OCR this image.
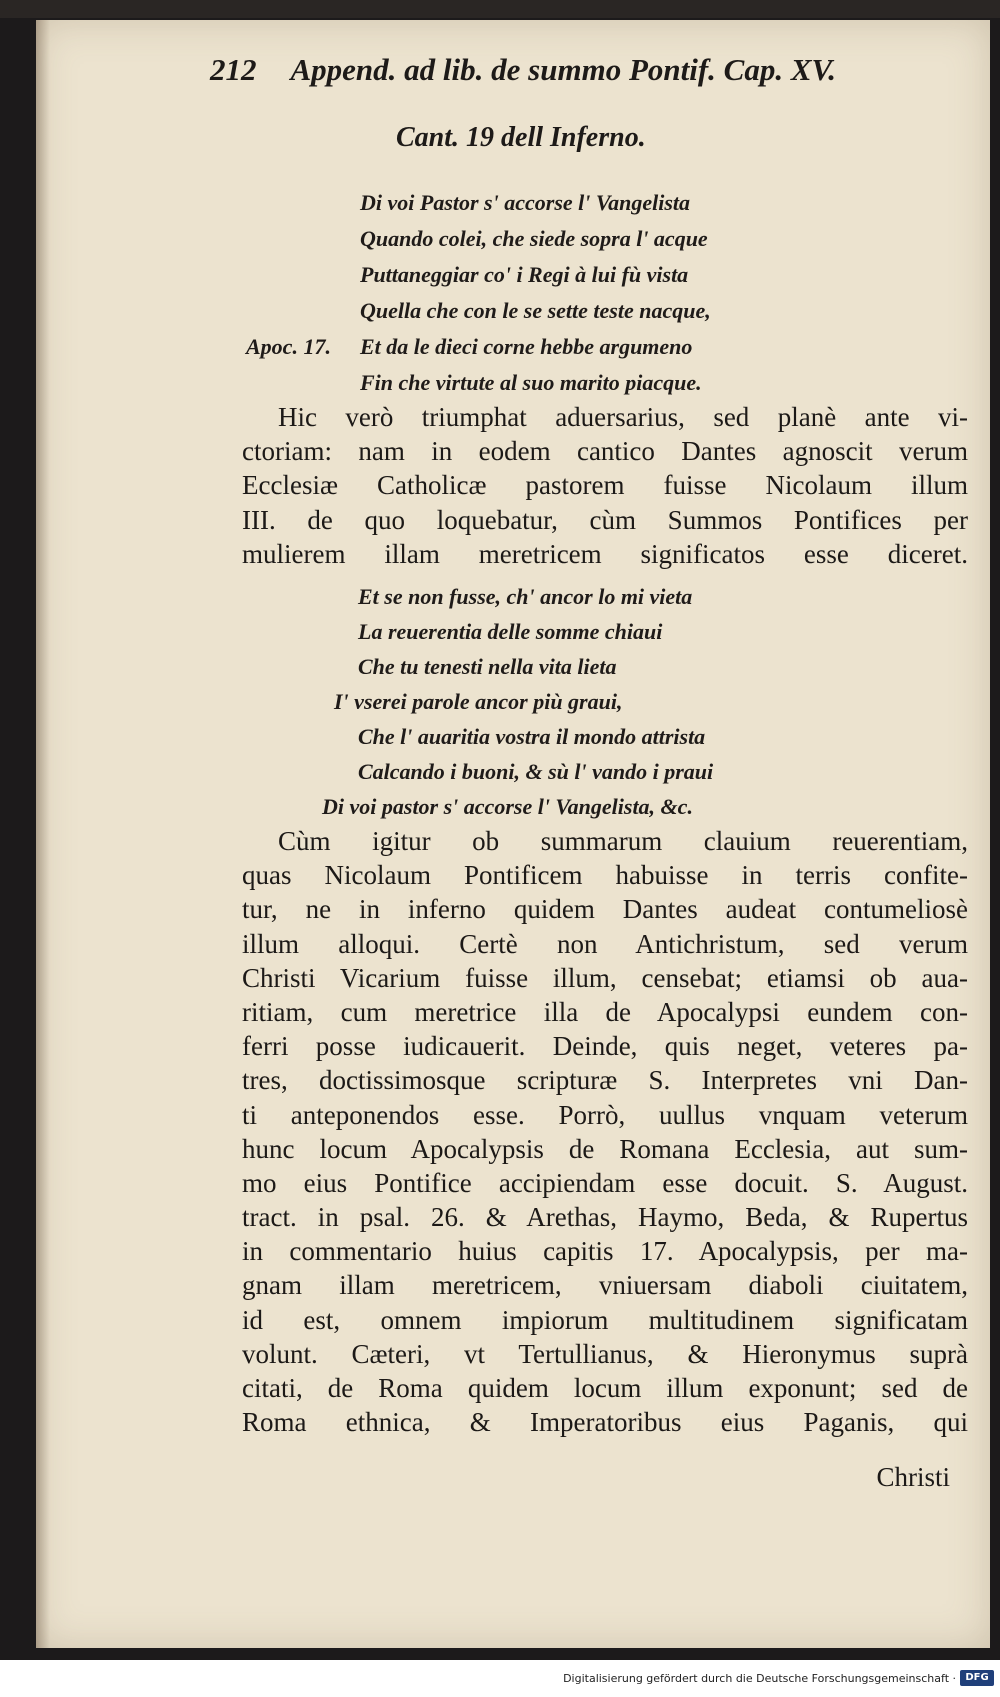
212 Append. ad lib. de summo Pontif. Cap. XV.
Cant. 19 dell Inferno.
Di voi Pastor s' accorse l' Vangelista
Quando colei, che siede sopra l' acque
Puttaneggiar co' i Regi à lui fù vista
Quella che con le se sette teste nacque,
Apoc. 17. Et da le dieci corne hebbe argumeno
Fin che virtute al suo marito piacque.
Hic verò triumphat aduersarius, sed planè ante vi-
ctoriam: nam in eodem cantico Dantes agnoscit verum
Ecclesiæ Catholicæ pastorem fuisse Nicolaum illum
III. de quo loquebatur, cùm Summos Pontifices per
mulierem illam meretricem significatos esse diceret.
Et se non fusse, ch' ancor lo mi vieta
La reuerentia delle somme chiaui
Che tu tenesti nella vita lieta
I' vserei parole ancor più graui,
Che l' auaritia vostra il mondo attrista
Calcando i buoni, & sù l' vando i praui
Di voi pastor s' accorse l' Vangelista, &c.
Cùm igitur ob summarum clauium reuerentiam,
quas Nicolaum Pontificem habuisse in terris confite-
tur, ne in inferno quidem Dantes audeat contumeliosè
illum alloqui. Certè non Antichristum, sed verum
Christi Vicarium fuisse illum, censebat; etiamsi ob aua-
ritiam, cum meretrice illa de Apocalypsi eundem con-
ferri posse iudicauerit. Deinde, quis neget, veteres pa-
tres, doctissimosque scripturæ S. Interpretes vni Dan-
ti anteponendos esse. Porrò, uullus vnquam veterum
hunc locum Apocalypsis de Romana Ecclesia, aut sum-
mo eius Pontifice accipiendam esse docuit. S. August.
tract. in psal. 26. & Arethas, Haymo, Beda, & Rupertus
in commentario huius capitis 17. Apocalypsis, per ma-
gnam illam meretricem, vniuersam diaboli ciuitatem,
id est, omnem impiorum multitudinem significatam
volunt. Cæteri, vt Tertullianus, & Hieronymus suprà
citati, de Roma quidem locum illum exponunt; sed de
Roma ethnica, & Imperatoribus eius Paganis, qui
Christi
Digitalisierung gefördert durch die Deutsche Forschungsgemeinschaft · DFG
